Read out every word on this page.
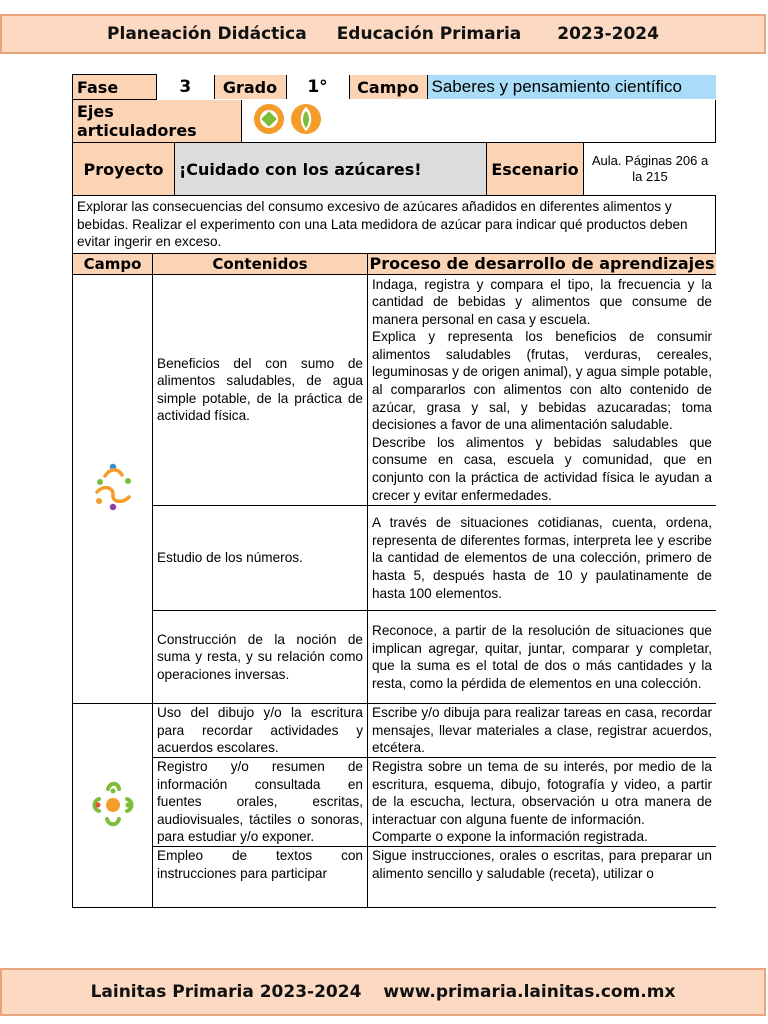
Planeación Didáctica Educación Primaria 2023-2024
Fase		3	Grado	1°	Campo	Saberes y pensamiento científico
Ejes articuladores	
Proyecto	¡Cuidado con los azúcares!	Escenario	Aula. Páginas 206 a la 215
Explorar las consecuencias del consumo excesivo de azúcares añadidos en diferentes alimentos y bebidas. Realizar el experimento con una Lata medidora de azúcar para indicar qué productos deben evitar ingerir en exceso.
Campo	Contenidos	Proceso de desarrollo de aprendizajes
	Beneficios del con sumo de alimentos saludables, de agua simple potable, de la práctica de actividad física.	Indaga, registra y compara el tipo, la frecuencia y la cantidad de bebidas y alimentos que consume de manera personal en casa y escuela.
Explica y representa los beneficios de consumir alimentos saludables (frutas, verduras, cereales, leguminosas y de origen animal), y agua simple potable, al compararlos con alimentos con alto contenido de azúcar, grasa y sal, y bebidas azucaradas; toma decisiones a favor de una alimentación saludable.
Describe los alimentos y bebidas saludables que consume en casa, escuela y comunidad, que en conjunto con la práctica de actividad física le ayudan a crecer y evitar enfermedades.

	Estudio de los números.	A través de situaciones cotidianas, cuenta, ordena, representa de diferentes formas, interpreta lee y escribe la cantidad de elementos de una colección, primero de hasta 5, después hasta de 10 y paulatinamente de hasta 100 elementos.

	Construcción de la noción de suma y resta, y su relación como operaciones inversas.	Reconoce, a partir de la resolución de situaciones que implican agregar, quitar, juntar, comparar y completar, que la suma es el total de dos o más cantidades y la resta, como la pérdida de elementos en una colección.

	Uso del dibujo y/o la escritura para recordar actividades y acuerdos escolares.	Escribe y/o dibuja para realizar tareas en casa, recordar mensajes, llevar materiales a clase, registrar acuerdos, etcétera.

	Registro y/o resumen de información consultada en fuentes orales, escritas, audiovisuales, táctiles o sonoras, para estudiar y/o exponer.	Registra sobre un tema de su interés, por medio de la escritura, esquema, dibujo, fotografía y video, a partir de la escucha, lectura, observación u otra manera de interactuar con alguna fuente de información.
Comparte o expone la información registrada.

	Empleo de textos con instrucciones para participar	Sigue instrucciones, orales o escritas, para preparar un alimento sencillo y saludable (receta), utilizar o
Lainitas Primaria 2023-2024 www.primaria.lainitas.com.mx
